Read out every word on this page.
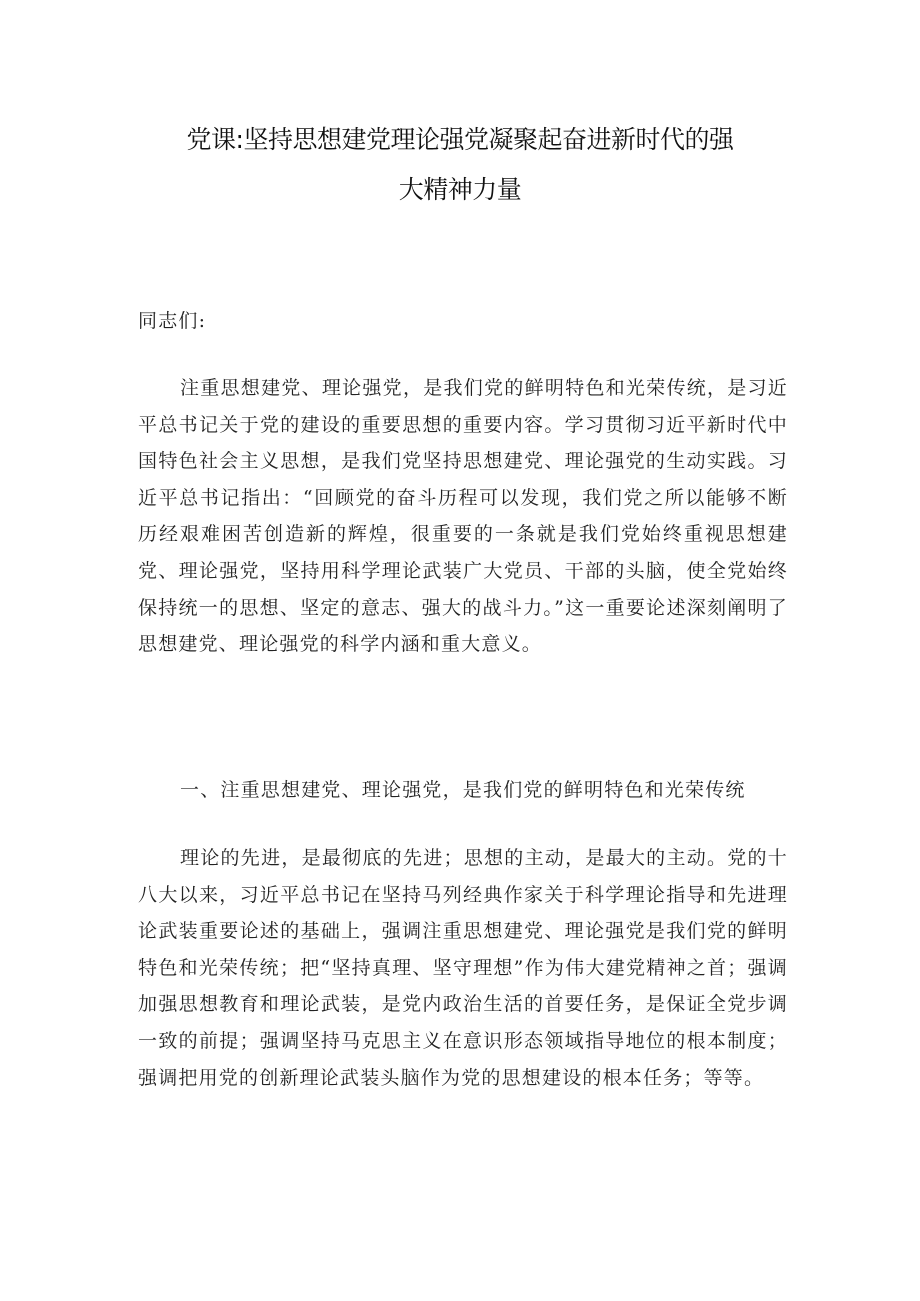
党课:坚持思想建党理论强党凝聚起奋进新时代的强
大精神力量

同志们:

注重思想建党、理论强党，是我们党的鲜明特色和光荣传统，是习近平总书记关于党的建设的重要思想的重要内容。学习贯彻习近平新时代中国特色社会主义思想，是我们党坚持思想建党、理论强党的生动实践。习近平总书记指出：“回顾党的奋斗历程可以发现，我们党之所以能够不断历经艰难困苦创造新的辉煌，很重要的一条就是我们党始终重视思想建党、理论强党，坚持用科学理论武装广大党员、干部的头脑，使全党始终保持统一的思想、坚定的意志、强大的战斗力。”这一重要论述深刻阐明了思想建党、理论强党的科学内涵和重大意义。

一、注重思想建党、理论强党，是我们党的鲜明特色和光荣传统

理论的先进，是最彻底的先进；思想的主动，是最大的主动。党的十八大以来，习近平总书记在坚持马列经典作家关于科学理论指导和先进理论武装重要论述的基础上，强调注重思想建党、理论强党是我们党的鲜明特色和光荣传统；把“坚持真理、坚守理想”作为伟大建党精神之首；强调加强思想教育和理论武装，是党内政治生活的首要任务，是保证全党步调一致的前提；强调坚持马克思主义在意识形态领域指导地位的根本制度；强调把用党的创新理论武装头脑作为党的思想建设的根本任务；等等。
